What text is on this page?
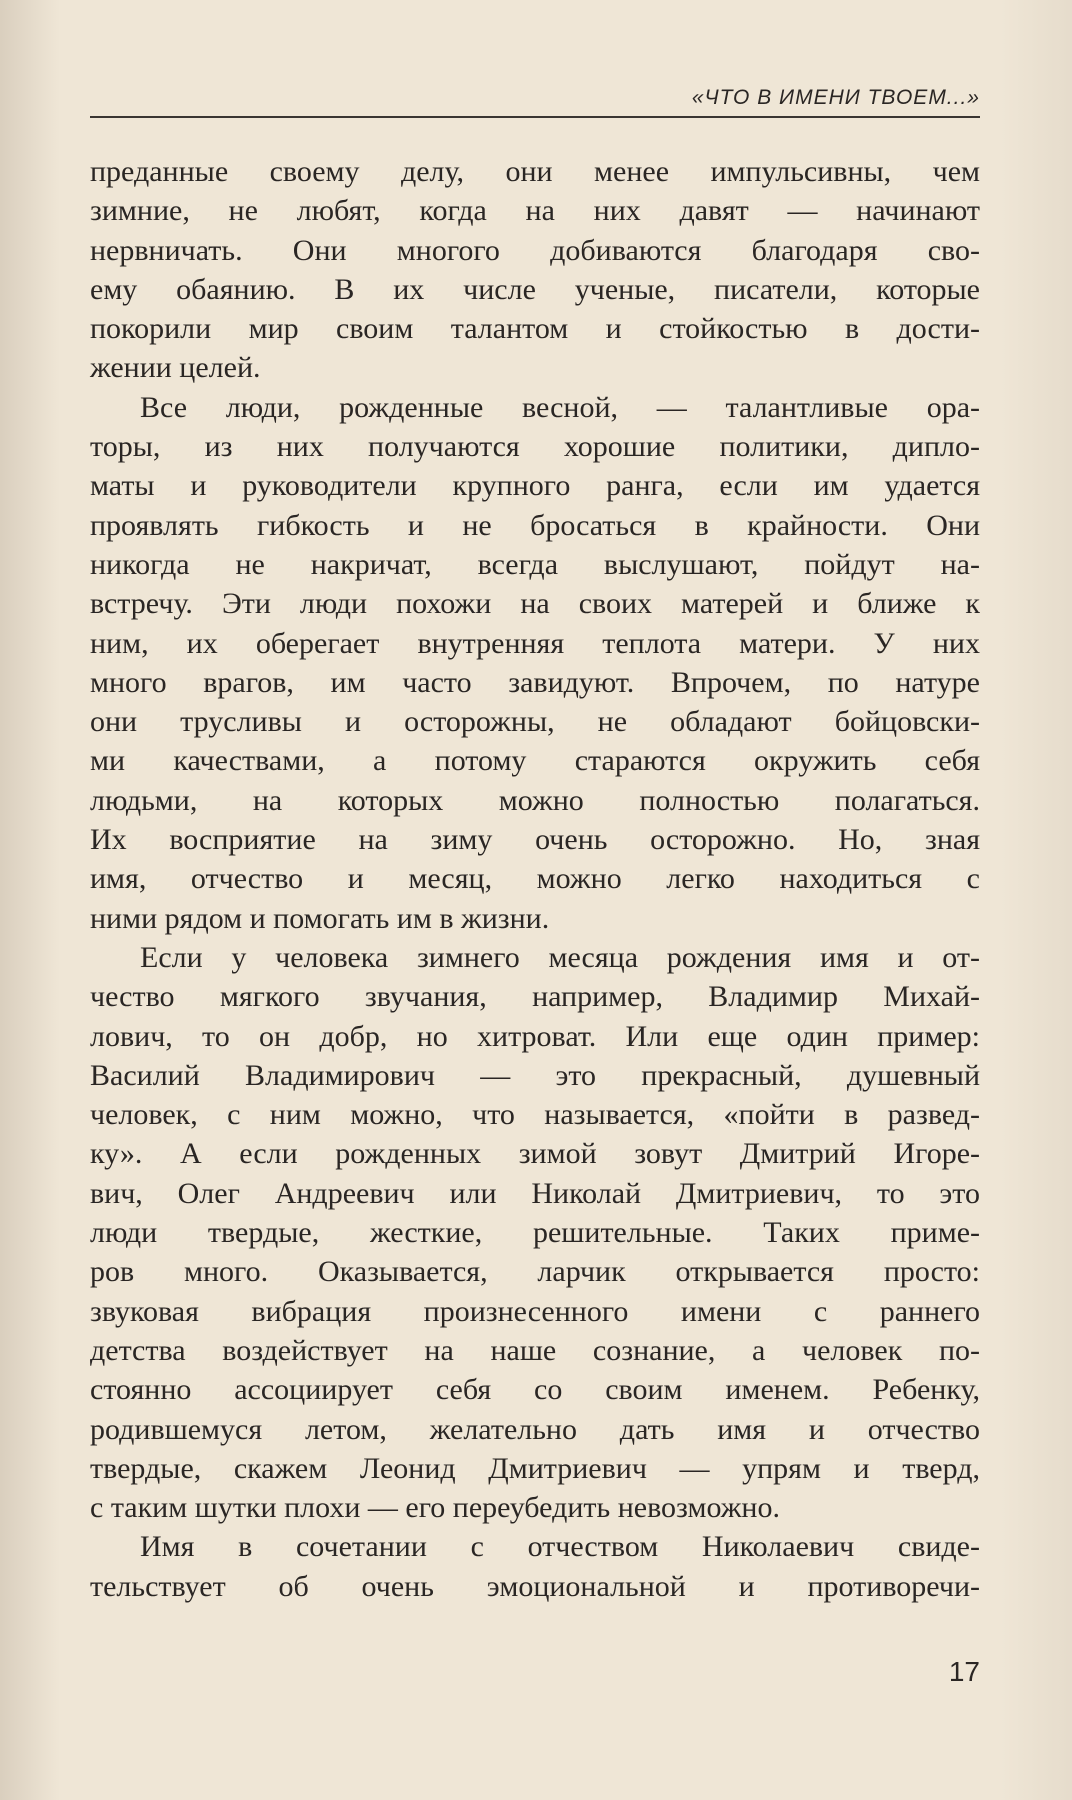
«ЧТО В ИМЕНИ ТВОЕМ...»
преданные своему делу, они менее импульсивны, чем
зимние, не любят, когда на них давят — начинают
нервничать. Они многого добиваются благодаря сво-
ему обаянию. В их числе ученые, писатели, которые
покорили мир своим талантом и стойкостью в дости-
жении целей.
Все люди, рожденные весной, — талантливые ора-
торы, из них получаются хорошие политики, дипло-
маты и руководители крупного ранга, если им удается
проявлять гибкость и не бросаться в крайности. Они
никогда не накричат, всегда выслушают, пойдут на-
встречу. Эти люди похожи на своих матерей и ближе к
ним, их оберегает внутренняя теплота матери. У них
много врагов, им часто завидуют. Впрочем, по натуре
они трусливы и осторожны, не обладают бойцовски-
ми качествами, а потому стараются окружить себя
людьми, на которых можно полностью полагаться.
Их восприятие на зиму очень осторожно. Но, зная
имя, отчество и месяц, можно легко находиться с
ними рядом и помогать им в жизни.
Если у человека зимнего месяца рождения имя и от-
чество мягкого звучания, например, Владимир Михай-
лович, то он добр, но хитроват. Или еще один пример:
Василий Владимирович — это прекрасный, душевный
человек, с ним можно, что называется, «пойти в развед-
ку». А если рожденных зимой зовут Дмитрий Игоре-
вич, Олег Андреевич или Николай Дмитриевич, то это
люди твердые, жесткие, решительные. Таких приме-
ров много. Оказывается, ларчик открывается просто:
звуковая вибрация произнесенного имени с раннего
детства воздействует на наше сознание, а человек по-
стоянно ассоциирует себя со своим именем. Ребенку,
родившемуся летом, желательно дать имя и отчество
твердые, скажем Леонид Дмитриевич — упрям и тверд,
с таким шутки плохи — его переубедить невозможно.
Имя в сочетании с отчеством Николаевич свиде-
тельствует об очень эмоциональной и противоречи-
17
